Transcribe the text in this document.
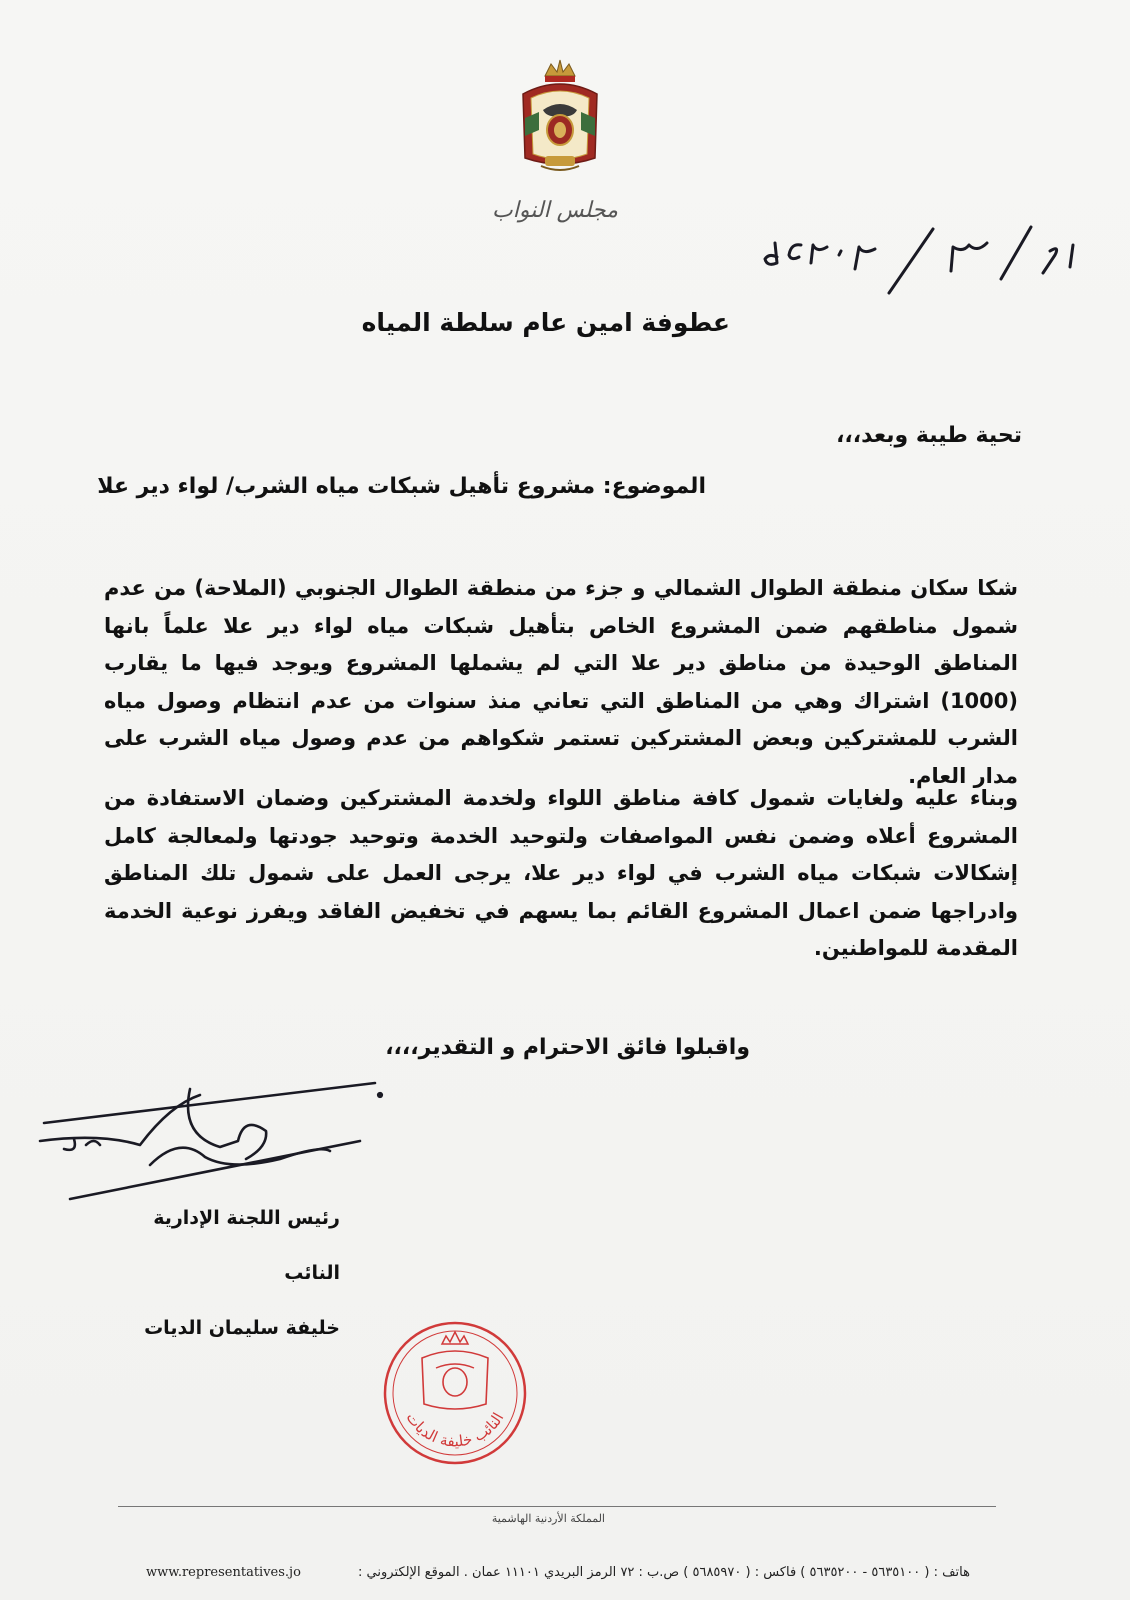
مجلس النواب
عطوفة امين عام سلطة المياه
تحية طيبة وبعد،،،
الموضوع: مشروع تأهيل شبكات مياه الشرب/ لواء دير علا
شكا سكان منطقة الطوال الشمالي و جزء من منطقة الطوال الجنوبي (الملاحة) من عدم شمول مناطقهم ضمن المشروع الخاص بتأهيل شبكات مياه لواء دير علا علماً بانها المناطق الوحيدة من مناطق دير علا التي لم يشملها المشروع ويوجد فيها ما يقارب (1000) اشتراك وهي من المناطق التي تعاني منذ سنوات من عدم انتظام وصول مياه الشرب للمشتركين وبعض المشتركين تستمر شكواهم من عدم وصول مياه الشرب على مدار العام.
وبناء عليه ولغايات شمول كافة مناطق اللواء ولخدمة المشتركين وضمان الاستفادة من المشروع أعلاه وضمن نفس المواصفات ولتوحيد الخدمة وتوحيد جودتها ولمعالجة كامل إشكالات شبكات مياه الشرب في لواء دير علا، يرجى العمل على شمول تلك المناطق وادراجها ضمن اعمال المشروع القائم بما يسهم في تخفيض الفاقد ويفرز نوعية الخدمة المقدمة للمواطنين.
واقبلوا فائق الاحترام و التقدير،،،،
رئيس اللجنة الإدارية
النائب
خليفة سليمان الديات
النائب خليفة الديات
المملكة الأردنية الهاشمية
هاتف : ( ٥٦٣٥١٠٠ - ٥٦٣٥٢٠٠ ) فاكس : ( ٥٦٨٥٩٧٠ ) ص.ب : ٧٢ الرمز البريدي ١١١٠١ عمان . الموقع الإلكتروني :
www.representatives.jo
